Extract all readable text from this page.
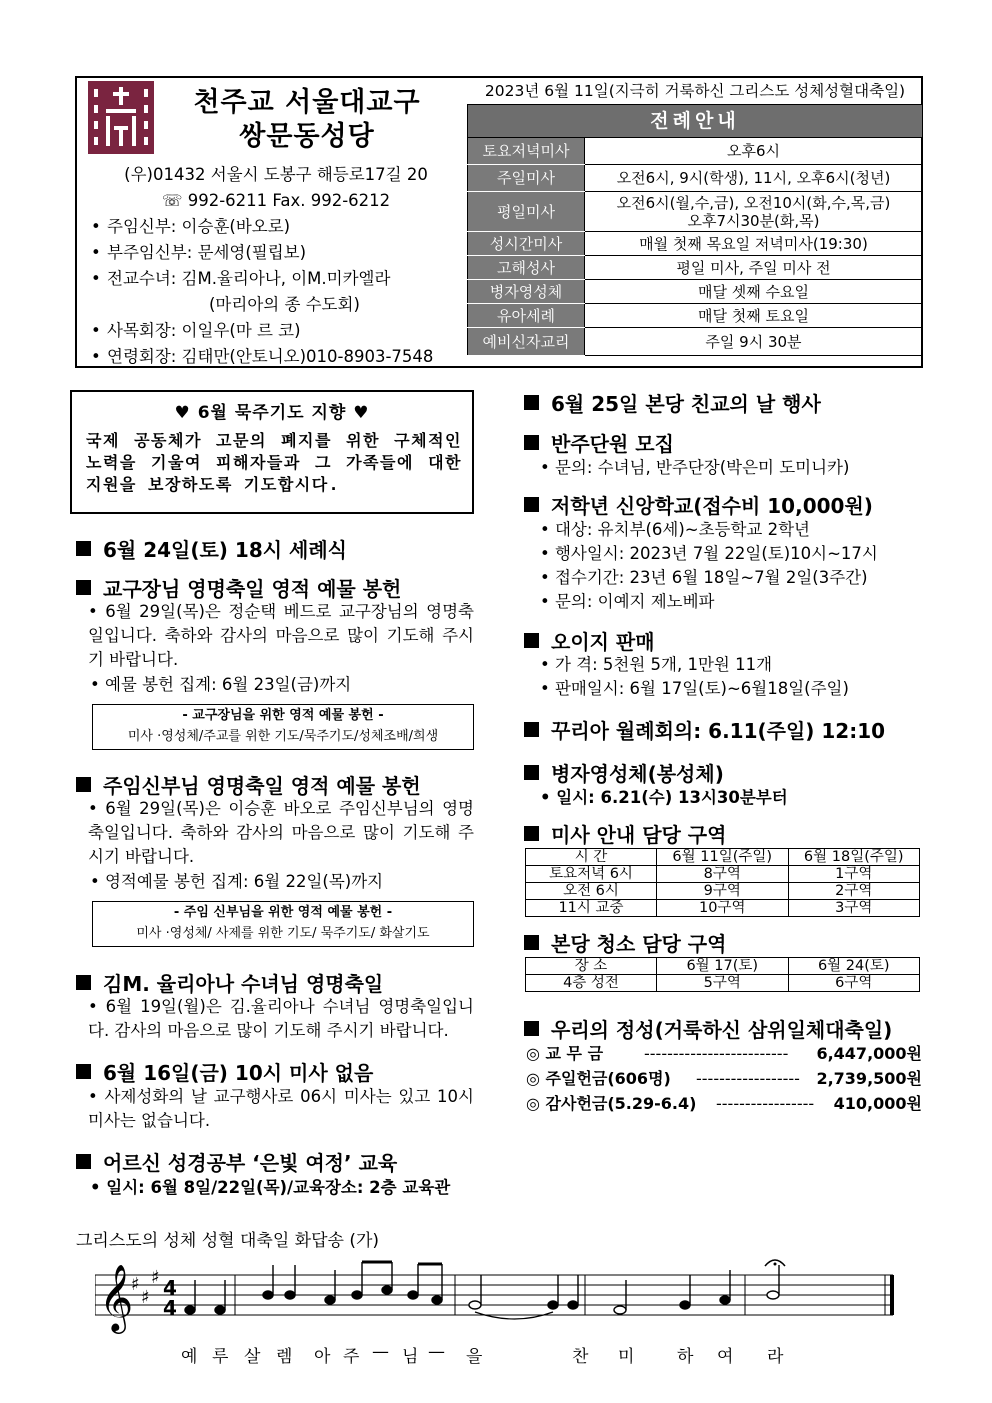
천주교 서울대교구
쌍문동성당
(우)01432 서울시 도봉구 해등로17길 20
☏ 992-6211 Fax. 992-6212
• 주임신부: 이승훈(바오로)
• 부주임신부: 문세영(필립보)
• 전교수녀: 김M.율리아나, 이M.미카엘라
(마리아의 종 수도회)
• 사목회장: 이일우(마 르 코)
• 연령회장: 김태만(안토니오)010-8903-7548
2023년 6월 11일(지극히 거룩하신 그리스도 성체성혈대축일)
전례안내	
토요저녁미사	오후6시
주일미사	오전6시, 9시(학생), 11시, 오후6시(청년)
평일미사	오전6시(월,수,금), 오전10시(화,수,목,금)
오후7시30분(화,목)

성시간미사	매월 첫째 목요일 저녁미사(19:30)
고해성사	평일 미사, 주일 미사 전
병자영성체	매달 셋째 수요일
유아세례	매달 첫째 토요일
예비신자교리	주일 9시 30분
♥ 6월 묵주기도 지향 ♥
국제 공동체가 고문의 폐지를 위한 구체적인 노력을 기울여 피해자들과 그 가족들에 대한 지원을 보장하도록 기도합시다.
6월 24일(토) 18시 세례식
교구장님 영명축일 영적 예물 봉헌
• 6월 29일(목)은 정순택 베드로 교구장님의 영명축일입니다. 축하와 감사의 마음으로 많이 기도해 주시기 바랍니다.
• 예물 봉헌 집계: 6월 23일(금)까지
- 교구장님을 위한 영적 예물 봉헌 -
미사 ·영성체/주교를 위한 기도/묵주기도/성체조배/희생
주임신부님 영명축일 영적 예물 봉헌
• 6월 29일(목)은 이승훈 바오로 주임신부님의 영명축일입니다. 축하와 감사의 마음으로 많이 기도해 주시기 바랍니다.
• 영적예물 봉헌 집계: 6월 22일(목)까지
- 주임 신부님을 위한 영적 예물 봉헌 -
미사 ·영성체/ 사제를 위한 기도/ 묵주기도/ 화살기도
김M. 율리아나 수녀님 영명축일
• 6월 19일(월)은 김.율리아나 수녀님 영명축일입니다. 감사의 마음으로 많이 기도해 주시기 바랍니다.
6월 16일(금) 10시 미사 없음
• 사제성화의 날 교구행사로 06시 미사는 있고 10시 미사는 없습니다.
어르신 성경공부 ‘은빛 여정’ 교육
• 일시: 6월 8일/22일(목)/교육장소: 2층 교육관
6월 25일 본당 친교의 날 행사
반주단원 모집
• 문의: 수녀님, 반주단장(박은미 도미니카)
저학년 신앙학교(접수비 10,000원)
• 대상: 유치부(6세)~초등학교 2학년
• 행사일시: 2023년 7월 22일(토)10시~17시
• 접수기간: 23년 6월 18일~7월 2일(3주간)
• 문의: 이예지 제노베파
오이지 판매
• 가 격: 5천원 5개, 1만원 11개
• 판매일시: 6월 17일(토)~6월18일(주일)
꾸리아 월례회의: 6.11(주일) 12:10
병자영성체(봉성체)
• 일시: 6.21(수) 13시30분부터
미사 안내 담당 구역
시 간	6월 11일(주일)	6월 18일(주일)
토요저녁 6시	8구역	1구역
오전 6시	9구역	2구역
11시 교중	10구역	3구역
본당 청소 담당 구역
장 소	6월 17(토)	6월 24(토)
4층 성전	5구역	6구역
우리의 정성(거룩하신 삼위일체대축일)
◎ 교 무 금	------------------------- 6,447,000원
◎ 주일헌금(606명) ------------------ 2,739,500원
◎ 감사헌금(5.29-6.4) ----------------- 410,000원
그리스도의 성체 성혈 대축일 화답송 (가)
𝄞
♯
♯
♯ 4
4
예 루 살 렘 아 주 — 님 — 을	찬 미	하 여 라
